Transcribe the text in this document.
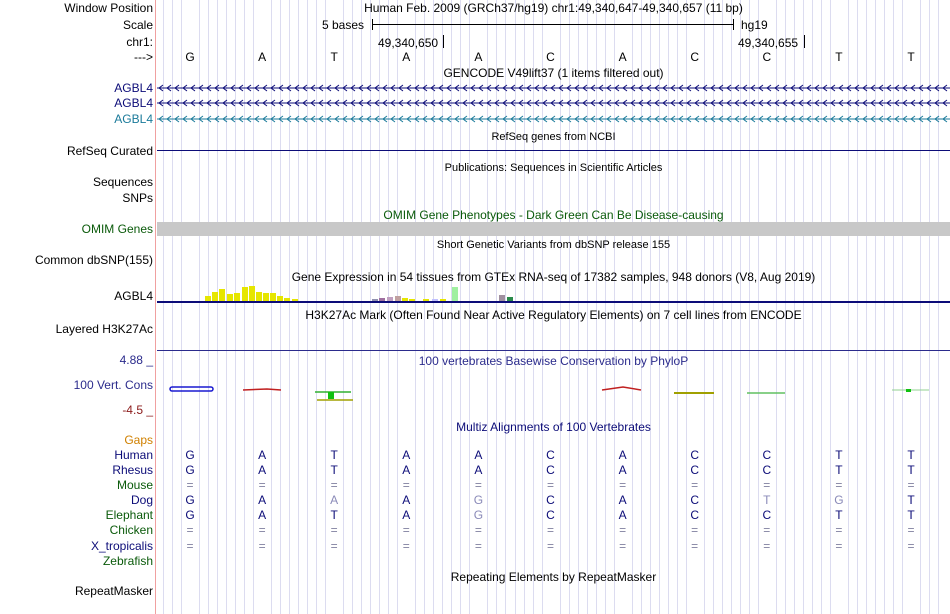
Window Position
Scale
chr1:
--->
Human Feb. 2009 (GRCh37/hg19) chr1:49,340,647-49,340,657 (11 bp)
5 bases	hg19
49,340,650	49,340,655
G	A	T	A	A	C	A	C	C	T	T
GENCODE V49lift37 (1 items filtered out)
AGBL4
AGBL4
AGBL4
RefSeq genes from NCBI
RefSeq Curated
Publications: Sequences in Scientific Articles
Sequences
SNPs
OMIM Gene Phenotypes - Dark Green Can Be Disease-causing
OMIM Genes
Short Genetic Variants from dbSNP release 155
Common dbSNP(155)
Gene Expression in 54 tissues from GTEx RNA-seq of 17382 samples, 948 donors (V8, Aug 2019)
AGBL4
H3K27Ac Mark (Often Found Near Active Regulatory Elements) on 7 cell lines from ENCODE
Layered H3K27Ac
100 vertebrates Basewise Conservation by PhyloP
4.88 _
100 Vert. Cons
-4.5 _
Multiz Alignments of 100 Vertebrates
Gaps
Human	G	A	T	A	A	C	A	C	C	T	T
Rhesus	G	A	T	A	A	C	A	C	C	T	T
Mouse	=	=	=	=	=	=	=	=	=	=	=
Dog	G	A	A	A	G	C	A	C	T	G	T
Elephant	G	A	T	A	G	C	A	C	C	T	T
Chicken	=	=	=	=	=	=	=	=	=	=	=
X_tropicalis	=	=	=	=	=	=	=	=	=	=	=
Zebrafish
Repeating Elements by RepeatMasker
RepeatMasker
